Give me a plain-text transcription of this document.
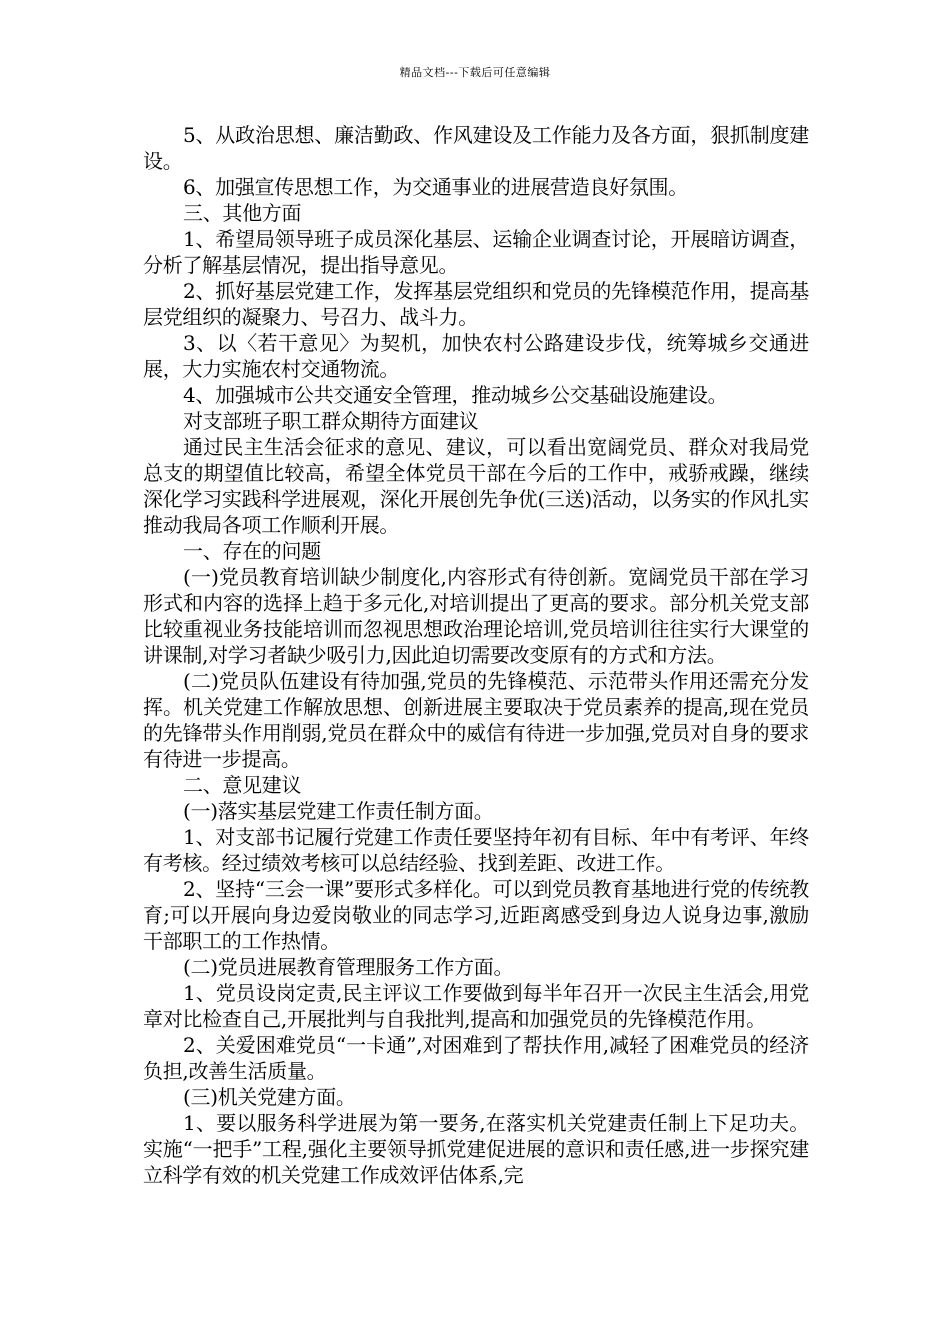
精品文档---下载后可任意编辑

5、从政治思想、廉洁勤政、作风建设及工作能力及各方面，狠抓制度建设。

6、加强宣传思想工作，为交通事业的进展营造良好氛围。

三、其他方面

1、希望局领导班子成员深化基层、运输企业调查讨论，开展暗访调查，分析了解基层情况，提出指导意见。

2、抓好基层党建工作，发挥基层党组织和党员的先锋模范作用，提高基层党组织的凝聚力、号召力、战斗力。

3、以〈若干意见〉为契机，加快农村公路建设步伐，统筹城乡交通进展，大力实施农村交通物流。

4、加强城市公共交通安全管理，推动城乡公交基础设施建设。

对支部班子职工群众期待方面建议

通过民主生活会征求的意见、建议，可以看出宽阔党员、群众对我局党总支的期望值比较高，希望全体党员干部在今后的工作中，戒骄戒躁，继续深化学习实践科学进展观，深化开展创先争优(三送)活动，以务实的作风扎实推动我局各项工作顺利开展。

一、存在的问题

(一)党员教育培训缺少制度化,内容形式有待创新。宽阔党员干部在学习形式和内容的选择上趋于多元化,对培训提出了更高的要求。部分机关党支部比较重视业务技能培训而忽视思想政治理论培训,党员培训往往实行大课堂的讲课制,对学习者缺少吸引力,因此迫切需要改变原有的方式和方法。

(二)党员队伍建设有待加强,党员的先锋模范、示范带头作用还需充分发挥。机关党建工作解放思想、创新进展主要取决于党员素养的提高,现在党员的先锋带头作用削弱,党员在群众中的威信有待进一步加强,党员对自身的要求有待进一步提高。

二、意见建议

(一)落实基层党建工作责任制方面。

1、对支部书记履行党建工作责任要坚持年初有目标、年中有考评、年终有考核。经过绩效考核可以总结经验、找到差距、改进工作。

2、坚持“三会一课”要形式多样化。可以到党员教育基地进行党的传统教育;可以开展向身边爱岗敬业的同志学习,近距离感受到身边人说身边事,激励干部职工的工作热情。

(二)党员进展教育管理服务工作方面。

1、党员设岗定责,民主评议工作要做到每半年召开一次民主生活会,用党章对比检查自己,开展批判与自我批判,提高和加强党员的先锋模范作用。

2、关爱困难党员“一卡通”,对困难到了帮扶作用,减轻了困难党员的经济负担,改善生活质量。

(三)机关党建方面。

1、要以服务科学进展为第一要务,在落实机关党建责任制上下足功夫。实施“一把手”工程,强化主要领导抓党建促进展的意识和责任感,进一步探究建立科学有效的机关党建工作成效评估体系,完
